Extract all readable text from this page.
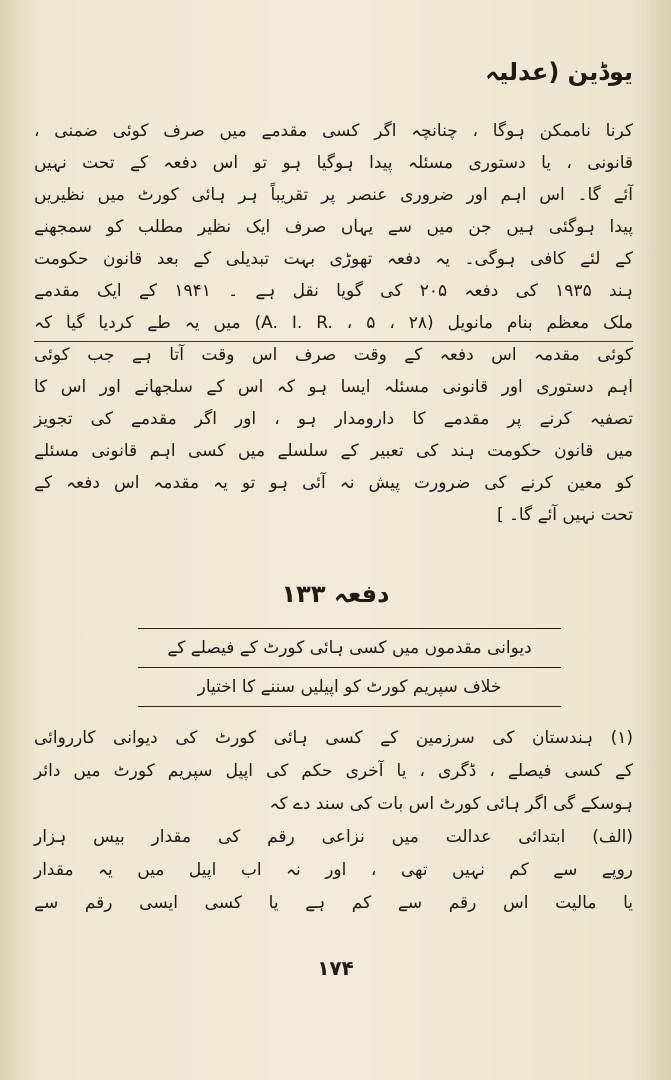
یوڈین (عدلیہ
کرنا ناممکن ہوگا ، چنانچہ اگر کسی مقدمے میں صرف کوئی ضمنی ،
قانونی ، یا دستوری مسئلہ پیدا ہوگیا ہو تو اس دفعہ کے تحت نہیں
آئے گا۔ اس اہم اور ضروری عنصر پر تقریباً ہر ہائی کورٹ میں نظیریں
پیدا ہوگئی ہیں جن میں سے یہاں صرف ایک نظیر مطلب کو سمجھنے
کے لئے کافی ہوگی۔ یہ دفعہ تھوڑی بہت تبدیلی کے بعد قانون حکومت
ہند ۱۹۳۵ کی دفعہ ۲۰۵ کی گویا نقل ہے ۔ ۱۹۴۱ کے ایک مقدمے
ملک معظم بنام مانویل (A. I. R. ، ۵ ، ۲۸) میں یہ طے کردیا گیا کہ
کوئی مقدمہ اس دفعہ کے وقت صرف اس وقت آتا ہے جب کوئی
اہم دستوری اور قانونی مسئلہ ایسا ہو کہ اس کے سلجھانے اور اس کا
تصفیہ کرنے پر مقدمے کا دارومدار ہو ، اور اگر مقدمے کی تجویز
میں قانون حکومت ہند کی تعبیر کے سلسلے میں کسی اہم قانونی مسئلے
کو معین کرنے کی ضرورت پیش نہ آئی ہو تو یہ مقدمہ اس دفعہ کے
تحت نہیں آئے گا۔ ]
دفعہ ۱۳۳
دیوانی مقدموں میں کسی ہائی کورٹ کے فیصلے کے
خلاف سپریم کورٹ کو اپیلیں سننے کا اختیار
(۱) ہندستان کی سرزمین کے کسی ہائی کورٹ کی دیوانی کارروائی
کے کسی فیصلے ، ڈگری ، یا آخری حکم کی اپیل سپریم کورٹ میں دائر
ہوسکے گی اگر ہائی کورٹ اس بات کی سند دے کہ
(الف) ابتدائی عدالت میں نزاعی رقم کی مقدار بیس ہزار
روپے سے کم نہیں تھی ، اور نہ اب اپیل میں یہ مقدار
یا مالیت اس رقم سے کم ہے یا کسی ایسی رقم سے
۱۷۴
